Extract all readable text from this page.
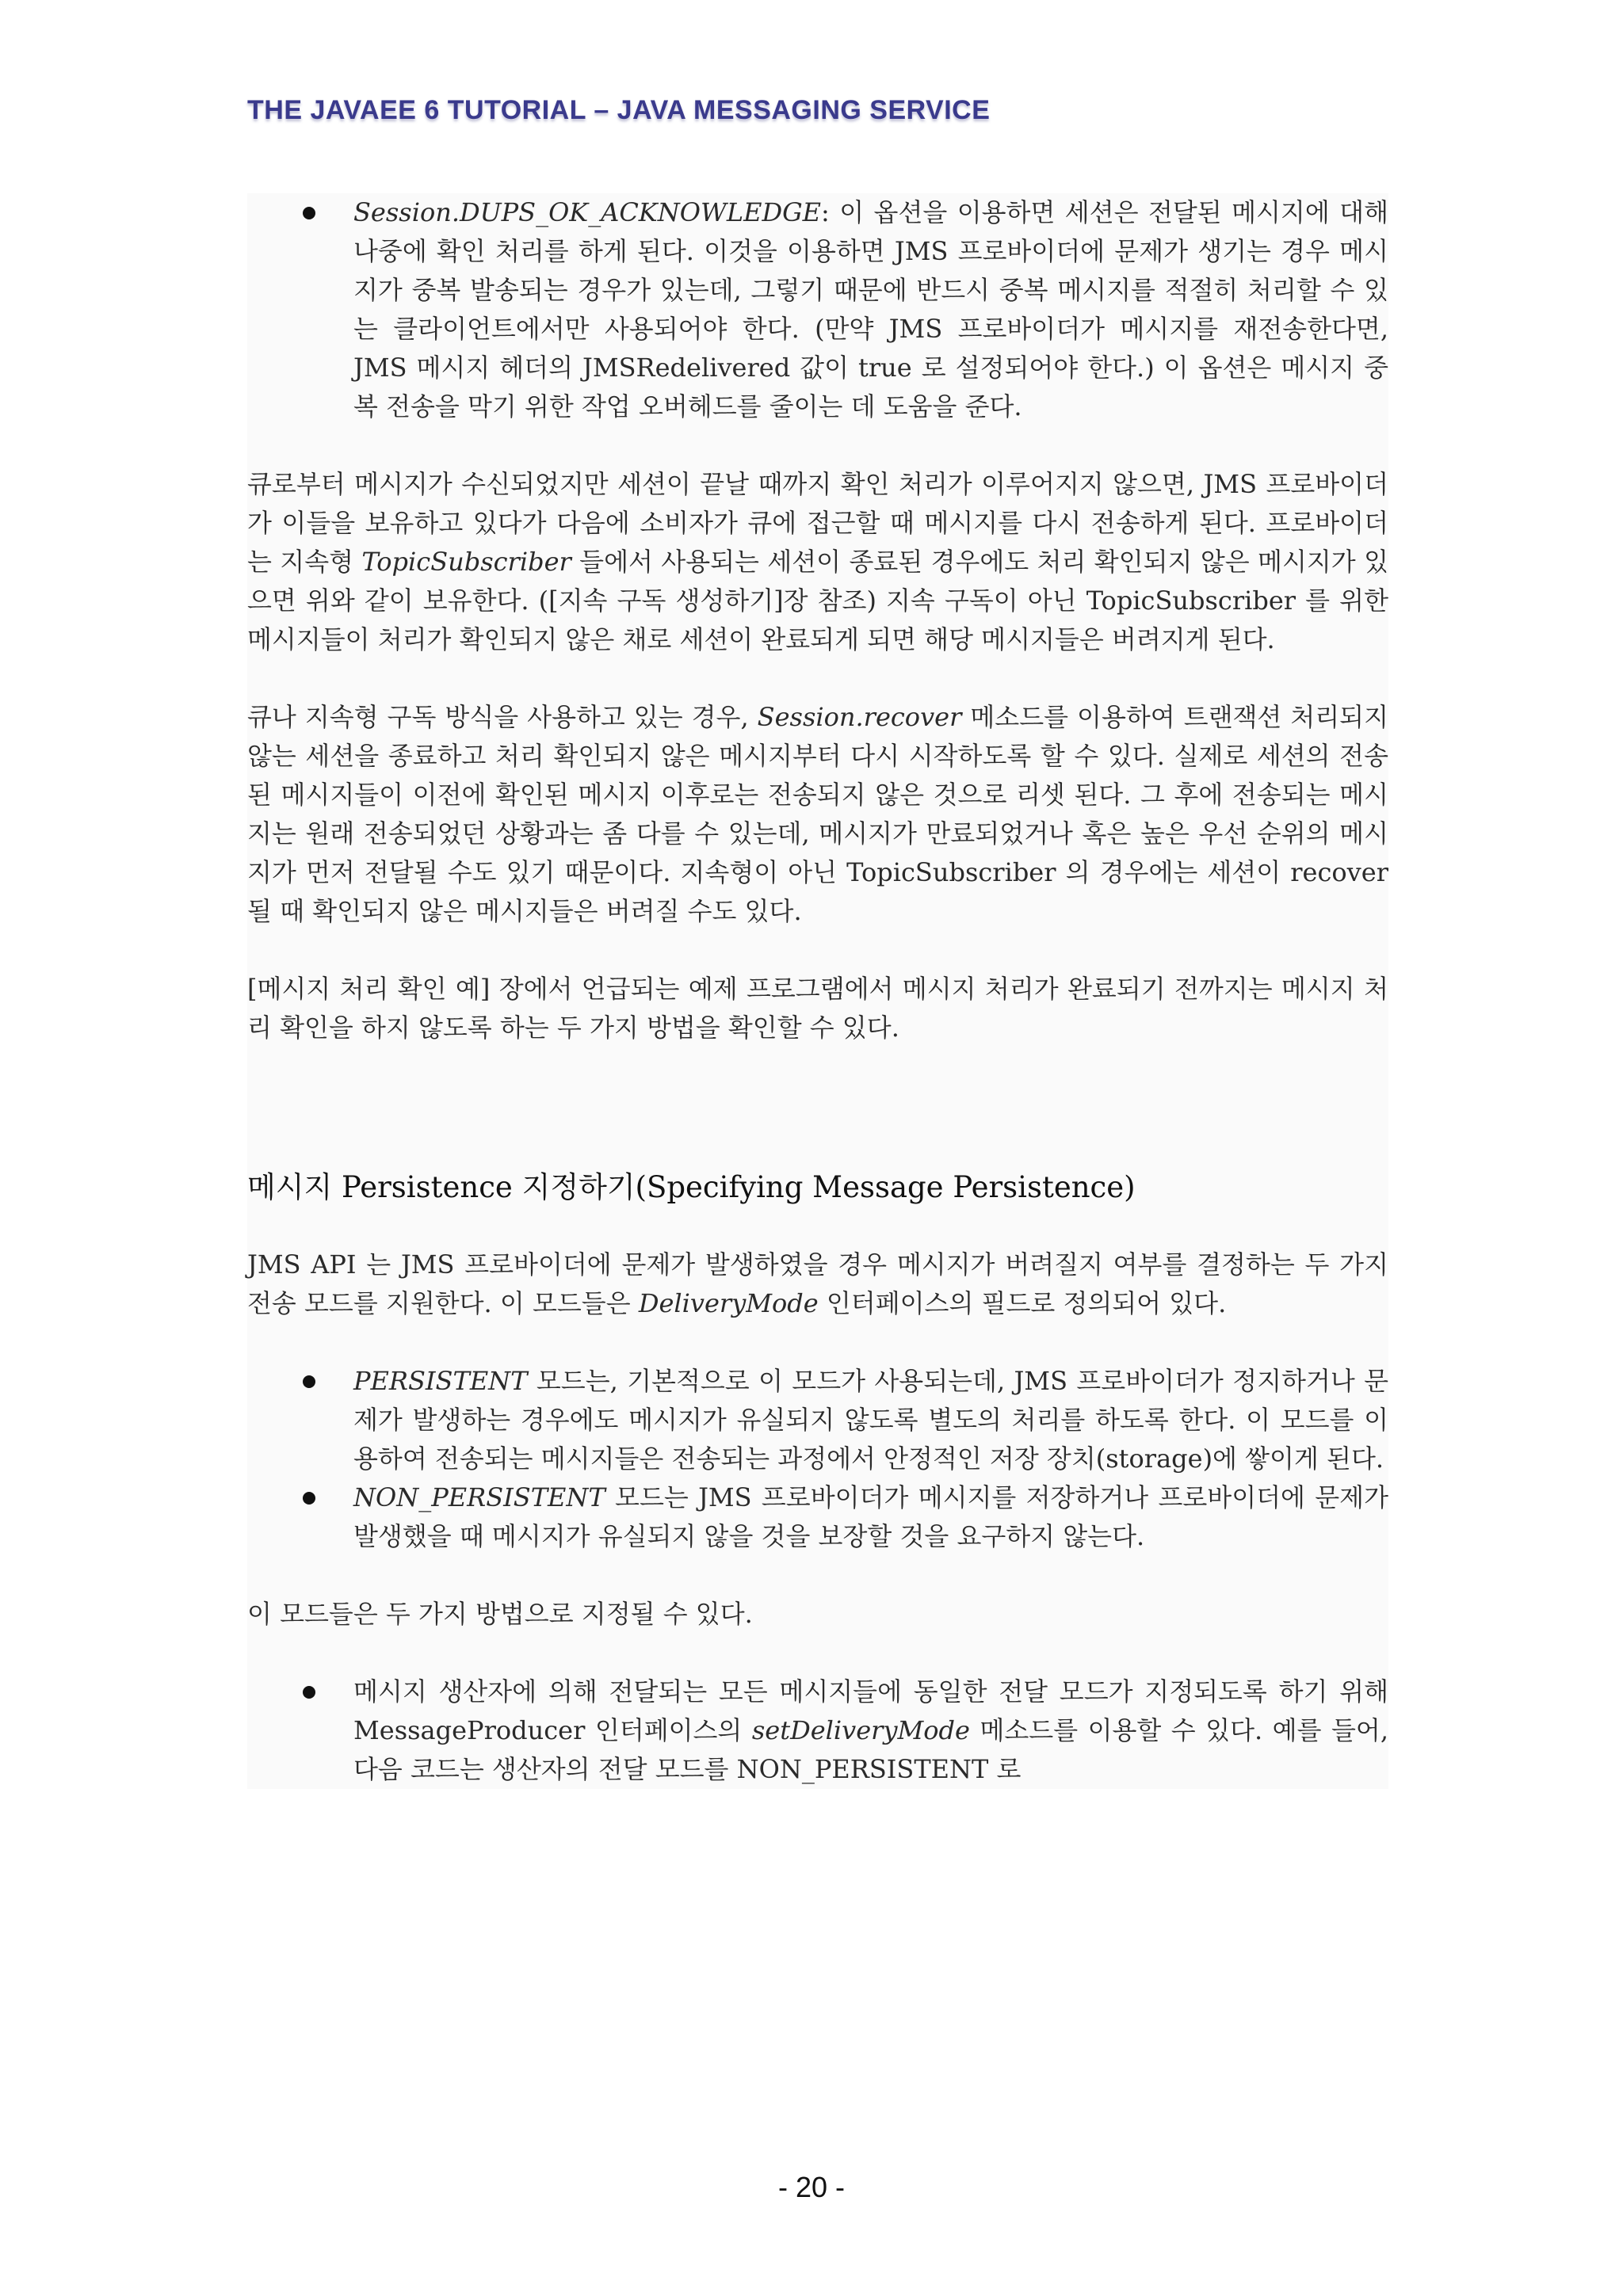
THE JAVAEE 6 TUTORIAL – JAVA MESSAGING SERVICE
Session.DUPS_OK_ACKNOWLEDGE: 이 옵션을 이용하면 세션은 전달된 메시지에 대해 나중에 확인 처리를 하게 된다. 이것을 이용하면 JMS 프로바이더에 문제가 생기는 경우 메시지가 중복 발송되는 경우가 있는데, 그렇기 때문에 반드시 중복 메시지를 적절히 처리할 수 있는 클라이언트에서만 사용되어야 한다. (만약 JMS 프로바이더가 메시지를 재전송한다면, JMS 메시지 헤더의 JMSRedelivered 값이 true 로 설정되어야 한다.) 이 옵션은 메시지 중복 전송을 막기 위한 작업 오버헤드를 줄이는 데 도움을 준다.

큐로부터 메시지가 수신되었지만 세션이 끝날 때까지 확인 처리가 이루어지지 않으면, JMS 프로바이더가 이들을 보유하고 있다가 다음에 소비자가 큐에 접근할 때 메시지를 다시 전송하게 된다. 프로바이더는 지속형 TopicSubscriber 들에서 사용되는 세션이 종료된 경우에도 처리 확인되지 않은 메시지가 있으면 위와 같이 보유한다. ([지속 구독 생성하기]장 참조) 지속 구독이 아닌 TopicSubscriber 를 위한 메시지들이 처리가 확인되지 않은 채로 세션이 완료되게 되면 해당 메시지들은 버려지게 된다.

큐나 지속형 구독 방식을 사용하고 있는 경우, Session.recover 메소드를 이용하여 트랜잭션 처리되지 않는 세션을 종료하고 처리 확인되지 않은 메시지부터 다시 시작하도록 할 수 있다. 실제로 세션의 전송된 메시지들이 이전에 확인된 메시지 이후로는 전송되지 않은 것으로 리셋 된다. 그 후에 전송되는 메시지는 원래 전송되었던 상황과는 좀 다를 수 있는데, 메시지가 만료되었거나 혹은 높은 우선 순위의 메시지가 먼저 전달될 수도 있기 때문이다. 지속형이 아닌 TopicSubscriber 의 경우에는 세션이 recover 될 때 확인되지 않은 메시지들은 버려질 수도 있다.

[메시지 처리 확인 예] 장에서 언급되는 예제 프로그램에서 메시지 처리가 완료되기 전까지는 메시지 처리 확인을 하지 않도록 하는 두 가지 방법을 확인할 수 있다.

메시지 Persistence 지정하기(Specifying Message Persistence)

JMS API 는 JMS 프로바이더에 문제가 발생하였을 경우 메시지가 버려질지 여부를 결정하는 두 가지 전송 모드를 지원한다. 이 모드들은 DeliveryMode 인터페이스의 필드로 정의되어 있다.

PERSISTENT 모드는, 기본적으로 이 모드가 사용되는데, JMS 프로바이더가 정지하거나 문제가 발생하는 경우에도 메시지가 유실되지 않도록 별도의 처리를 하도록 한다. 이 모드를 이용하여 전송되는 메시지들은 전송되는 과정에서 안정적인 저장 장치(storage)에 쌓이게 된다.
NON_PERSISTENT 모드는 JMS 프로바이더가 메시지를 저장하거나 프로바이더에 문제가 발생했을 때 메시지가 유실되지 않을 것을 보장할 것을 요구하지 않는다.

이 모드들은 두 가지 방법으로 지정될 수 있다.

메시지 생산자에 의해 전달되는 모든 메시지들에 동일한 전달 모드가 지정되도록 하기 위해 MessageProducer 인터페이스의 setDeliveryMode 메소드를 이용할 수 있다. 예를 들어, 다음 코드는 생산자의 전달 모드를 NON_PERSISTENT 로
- 20 -
